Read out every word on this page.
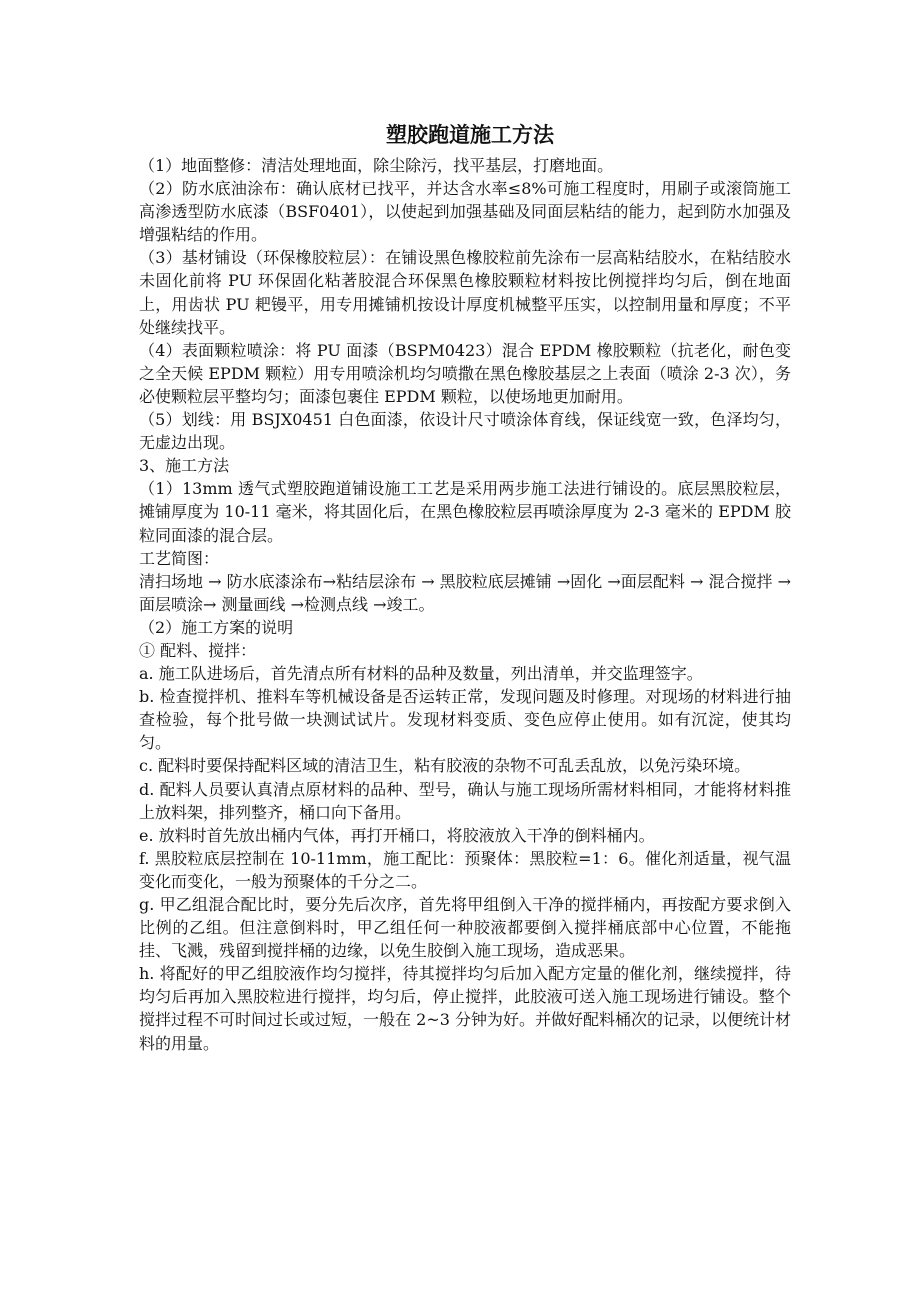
塑胶跑道施工方法

（1）地面整修：清洁处理地面，除尘除污，找平基层，打磨地面。

（2）防水底油涂布：确认底材已找平，并达含水率≤8%可施工程度时，用刷子或滚筒施工高渗透型防水底漆（BSF0401），以使起到加强基础及同面层粘结的能力，起到防水加强及增强粘结的作用。

（3）基材铺设（环保橡胶粒层）：在铺设黑色橡胶粒前先涂布一层高粘结胶水，在粘结胶水未固化前将 PU 环保固化粘著胶混合环保黑色橡胶颗粒材料按比例搅拌均匀后，倒在地面上，用齿状 PU 耙镘平，用专用摊铺机按设计厚度机械整平压实，以控制用量和厚度；不平处继续找平。

（4）表面颗粒喷涂：将 PU 面漆（BSPM0423）混合 EPDM 橡胶颗粒（抗老化，耐色变之全天候 EPDM 颗粒）用专用喷涂机均匀喷撒在黑色橡胶基层之上表面（喷涂 2-3 次），务必使颗粒层平整均匀；面漆包裹住 EPDM 颗粒，以使场地更加耐用。

（5）划线：用 BSJX0451 白色面漆，依设计尺寸喷涂体育线，保证线宽一致，色泽均匀，无虚边出现。

3、施工方法

（1）13mm 透气式塑胶跑道铺设施工工艺是采用两步施工法进行铺设的。底层黑胶粒层，摊铺厚度为 10-11 毫米，将其固化后，在黑色橡胶粒层再喷涂厚度为 2-3 毫米的 EPDM 胶粒同面漆的混合层。

工艺简图：

清扫场地 → 防水底漆涂布→粘结层涂布 → 黑胶粒底层摊铺 →固化 →面层配料 → 混合搅拌 →面层喷涂→ 测量画线 →检测点线 →竣工。

（2）施工方案的说明

① 配料、搅拌：

a. 施工队进场后，首先清点所有材料的品种及数量，列出清单，并交监理签字。

b. 检查搅拌机、推料车等机械设备是否运转正常，发现问题及时修理。对现场的材料进行抽查检验，每个批号做一块测试试片。发现材料变质、变色应停止使用。如有沉淀，使其均匀。

c. 配料时要保持配料区域的清洁卫生，粘有胶液的杂物不可乱丢乱放，以免污染环境。

d. 配料人员要认真清点原材料的品种、型号，确认与施工现场所需材料相同，才能将材料推上放料架，排列整齐，桶口向下备用。

e. 放料时首先放出桶内气体，再打开桶口，将胶液放入干净的倒料桶内。

f. 黑胶粒底层控制在 10-11mm，施工配比：预聚体：黑胶粒=1：6。催化剂适量，视气温变化而变化，一般为预聚体的千分之二。

g. 甲乙组混合配比时，要分先后次序，首先将甲组倒入干净的搅拌桶内，再按配方要求倒入比例的乙组。但注意倒料时，甲乙组任何一种胶液都要倒入搅拌桶底部中心位置，不能拖挂、飞溅，残留到搅拌桶的边缘，以免生胶倒入施工现场，造成恶果。

h. 将配好的甲乙组胶液作均匀搅拌，待其搅拌均匀后加入配方定量的催化剂，继续搅拌，待均匀后再加入黑胶粒进行搅拌，均匀后，停止搅拌，此胶液可送入施工现场进行铺设。整个搅拌过程不可时间过长或过短，一般在 2~3 分钟为好。并做好配料桶次的记录，以便统计材料的用量。
